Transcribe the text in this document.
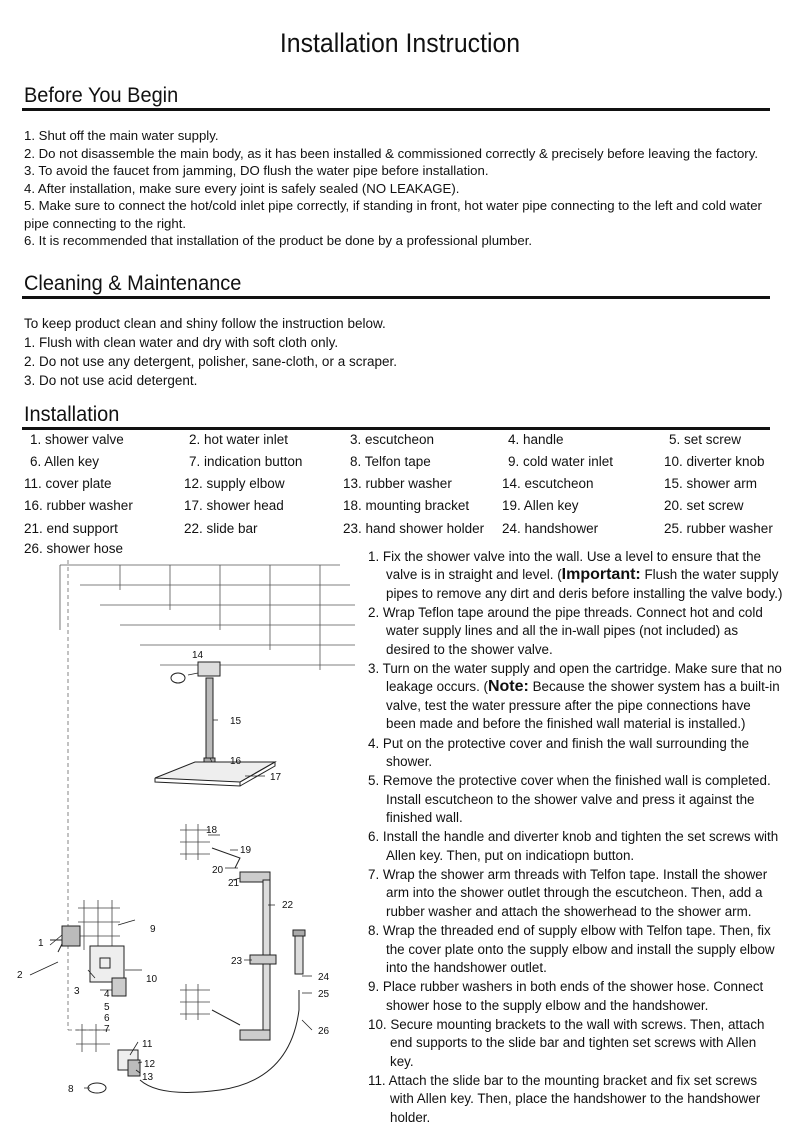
Installation Instruction
Before You Begin
1. Shut off the main water supply.
2. Do not disassemble the main body, as it has been installed & commissioned correctly & precisely before leaving the factory.
3. To avoid the faucet from jamming, DO flush the water pipe before installation.
4. After installation, make sure every joint is safely sealed (NO LEAKAGE).
5. Make sure to connect the hot/cold inlet pipe correctly, if standing in front, hot water pipe connecting to the left and cold water pipe connecting to the right.
6. It is recommended that installation of the product be done by a professional plumber.
Cleaning & Maintenance
To keep product clean and shiny follow the instruction below.
1. Flush with clean water and dry with soft cloth only.
2. Do not use any detergent, polisher, sane-cloth, or a scraper.
3. Do not use acid detergent.
Installation
1. shower valve	2. hot water inlet	3. escutcheon	4. handle	5. set screw
6. Allen key	7. indication button	8. Telfon tape	9. cold water inlet	10. diverter knob
11. cover plate	12. supply elbow	13. rubber washer	14. escutcheon	15. shower arm
16. rubber washer	17. shower head	18. mounting bracket 19. Allen key	20. set screw
21. end support	22. slide bar	23. hand shower holder 24. handshower	25. rubber washer
26. shower hose
1. Fix the shower valve into the wall. Use a level to ensure that the valve is in straight and level. (Important: Flush the water supply pipes to remove any dirt and deris before installing the valve body.)
2. Wrap Teflon tape around the pipe threads. Connect hot and cold water supply lines and all the in-wall pipes (not included) as desired to the shower valve.
3. Turn on the water supply and open the cartridge. Make sure that no leakage occurs. (Note: Because the shower system has a built-in valve, test the water pressure after the pipe connections have been made and before the finished wall material is installed.)
4. Put on the protective cover and finish the wall surrounding the shower.
5. Remove the protective cover when the finished wall is completed. Install escutcheon to the shower valve and press it against the finished wall.
6. Install the handle and diverter knob and tighten the set screws with Allen key. Then, put on indicatiopn button.
7. Wrap the shower arm threads with Telfon tape. Install the shower arm into the shower outlet through the escutcheon. Then, add a rubber washer and attach the showerhead to the shower arm.
8. Wrap the threaded end of supply elbow with Telfon tape. Then, fix the cover plate onto the supply elbow and install the supply elbow into the handshower outlet.
9. Place rubber washers in both ends of the shower hose. Connect shower hose to the supply elbow and the handshower.
10. Secure mounting brackets to the wall with screws. Then, attach end supports to the slide bar and tighten set screws with Allen key.
11. Attach the slide bar to the mounting bracket and fix set screws with Allen key. Then, place the handshower to the handshower holder.
1
2
3 4
5
6
7
8
9
10
11
12
13
14
15
16
17
18
19
20
21
22
23
24
25
26
